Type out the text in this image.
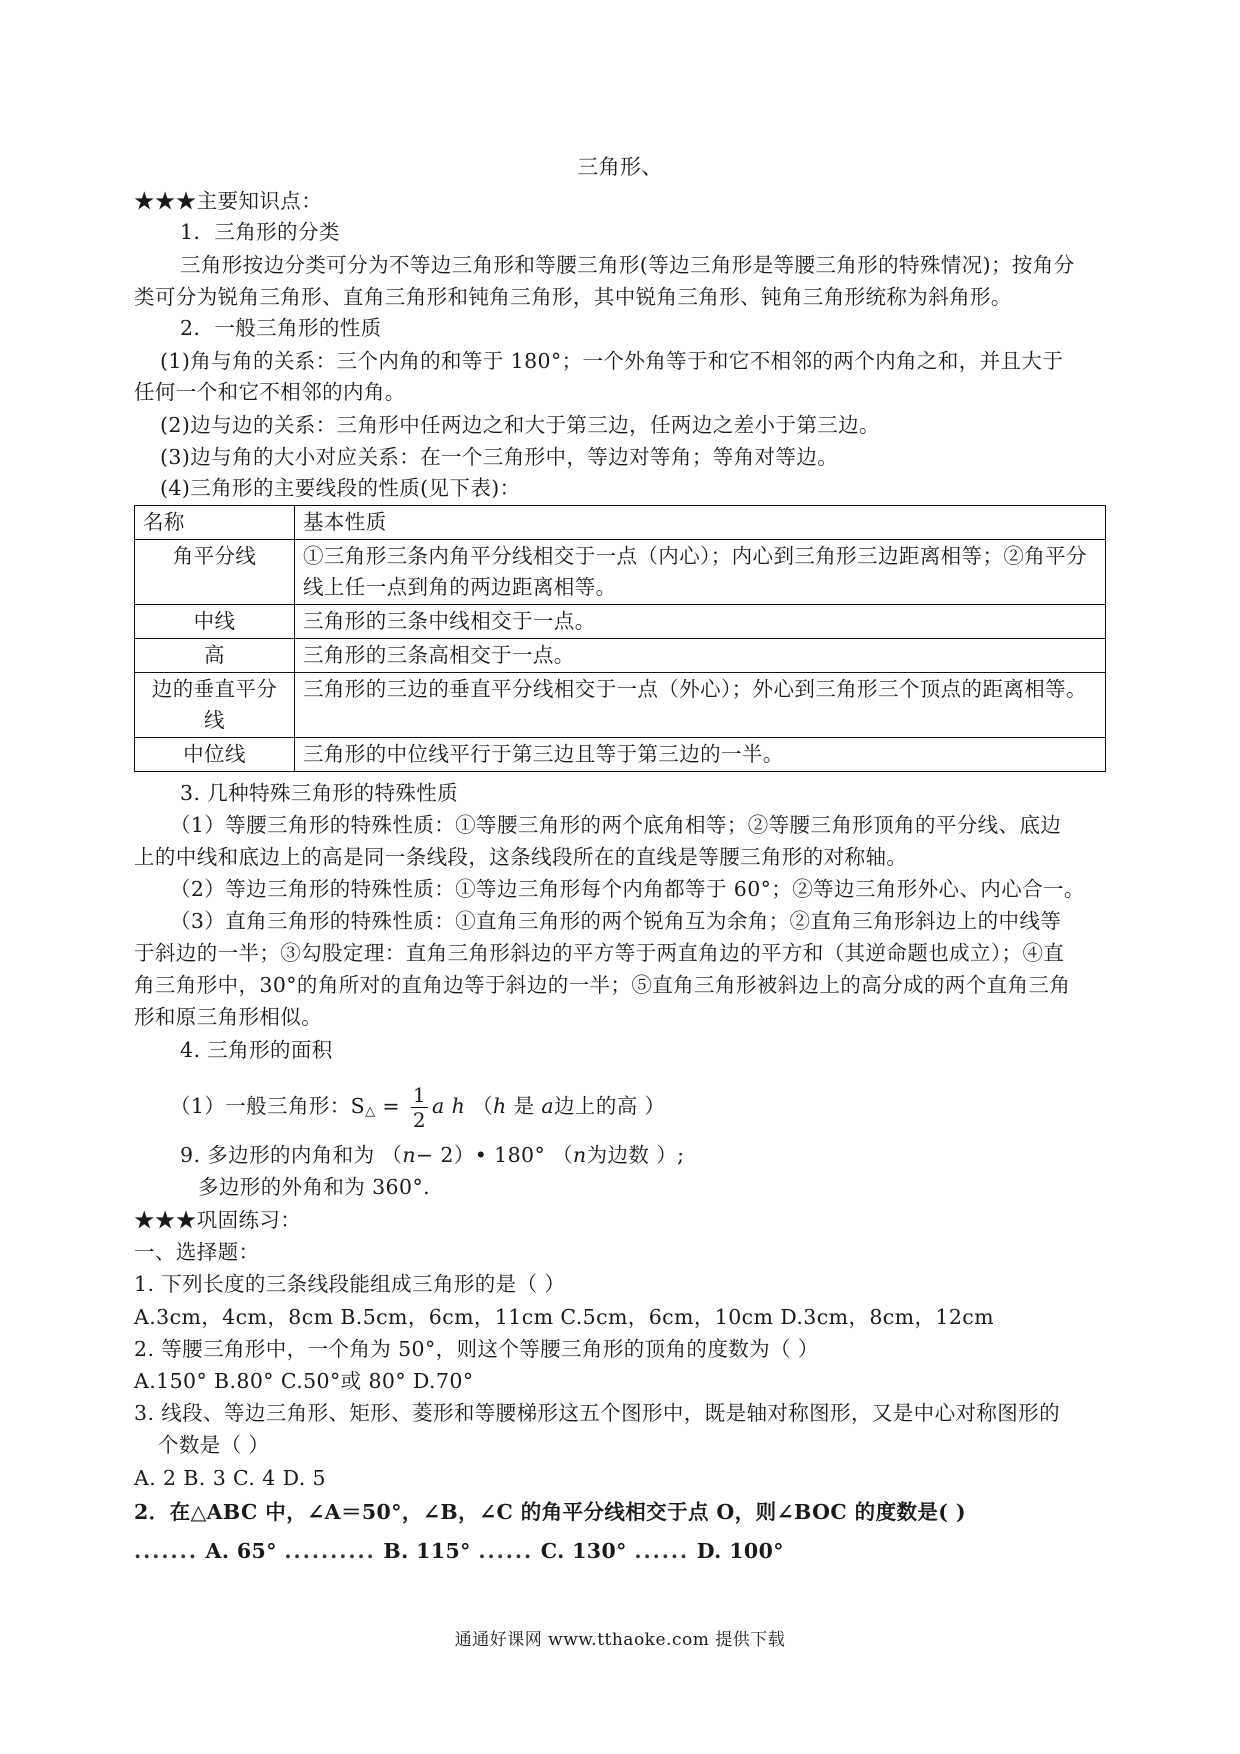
三角形、
★★★主要知识点：
1．三角形的分类
三角形按边分类可分为不等边三角形和等腰三角形(等边三角形是等腰三角形的特殊情况)；按角分
类可分为锐角三角形、直角三角形和钝角三角形，其中锐角三角形、钝角三角形统称为斜角形。
2．一般三角形的性质
(1)角与角的关系：三个内角的和等于 180°；一个外角等于和它不相邻的两个内角之和，并且大于
任何一个和它不相邻的内角。
(2)边与边的关系：三角形中任两边之和大于第三边，任两边之差小于第三边。
(3)边与角的大小对应关系：在一个三角形中，等边对等角；等角对等边。
(4)三角形的主要线段的性质(见下表)：
名称	基本性质
角平分线	①三角形三条内角平分线相交于一点（内心）；内心到三角形三边距离相等；②角平分线上任一点到角的两边距离相等。
中线	三角形的三条中线相交于一点。
高	三角形的三条高相交于一点。
边的垂直平分线	三角形的三边的垂直平分线相交于一点（外心）；外心到三角形三个顶点的距离相等。
中位线	三角形的中位线平行于第三边且等于第三边的一半。
3. 几种特殊三角形的特殊性质
（1）等腰三角形的特殊性质：①等腰三角形的两个底角相等；②等腰三角形顶角的平分线、底边
上的中线和底边上的高是同一条线段，这条线段所在的直线是等腰三角形的对称轴。
（2）等边三角形的特殊性质：①等边三角形每个内角都等于 60°；②等边三角形外心、内心合一。
（3）直角三角形的特殊性质：①直角三角形的两个锐角互为余角；②直角三角形斜边上的中线等
于斜边的一半；③勾股定理：直角三角形斜边的平方等于两直角边的平方和（其逆命题也成立）；④直
角三角形中，30°的角所对的直角边等于斜边的一半；⑤直角三角形被斜边上的高分成的两个直角三角
形和原三角形相似。
4. 三角形的面积
（1）一般三角形：S△ = $\frac{1}{2}$ a h （h 是 a边上的高 ）
9. 多边形的内角和为 （n− 2）• 180° （n为边数 ）;
多边形的外角和为 360°.
★★★巩固练习：
一、选择题：
1. 下列长度的三条线段能组成三角形的是（ ）
A.3cm，4cm，8cm B.5cm，6cm，11cm C.5cm，6cm，10cm D.3cm，8cm，12cm
2. 等腰三角形中，一个角为 50°，则这个等腰三角形的顶角的度数为（ ）
A.150° B.80° C.50°或 80° D.70°
3. 线段、等边三角形、矩形、菱形和等腰梯形这五个图形中，既是轴对称图形，又是中心对称图形的
个数是（ ）
A. 2 B. 3 C. 4 D. 5
2．在△ABC 中，∠A＝50°，∠B，∠C 的角平分线相交于点 O，则∠BOC 的度数是( )
....... A. 65° .......... B. 115° ...... C. 130° ...... D. 100°
通通好课网 www.tthaoke.com 提供下载
